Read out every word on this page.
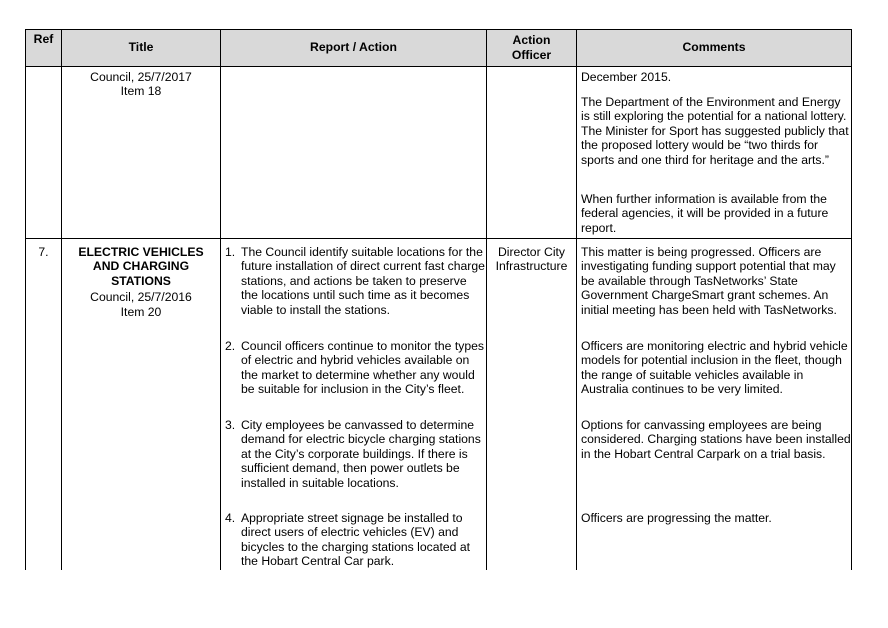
Ref
Title	Report / Action
Action Officer
Comments

Council, 25/7/2017

Item 18

December 2015.

The Department of the Environment and Energy is still exploring the potential for a national lottery. The Minister for Sport has suggested publicly that the proposed lottery would be “two thirds for sports and one third for heritage and the arts.”

When further information is available from the federal agencies, it will be provided in a future report.

7.	ELECTRIC VEHICLES AND CHARGING STATIONS

Council, 25/7/2016

Item 20

1. The Council identify suitable locations for the future installation of direct current fast charge stations, and actions be taken to preserve the locations until such time as it becomes viable to install the stations.
2. Council officers continue to monitor the types of electric and hybrid vehicles available on the market to determine whether any would be suitable for inclusion in the City’s fleet.
3. City employees be canvassed to determine demand for electric bicycle charging stations at the City’s corporate buildings. If there is sufficient demand, then power outlets be installed in suitable locations.
4. Appropriate street signage be installed to direct users of electric vehicles (EV) and bicycles to the charging stations located at the Hobart Central Car park.
Director City Infrastructure

This matter is being progressed. Officers are investigating funding support potential that may be available through TasNetworks’ State Government ChargeSmart grant schemes. An initial meeting has been held with TasNetworks.

Officers are monitoring electric and hybrid vehicle models for potential inclusion in the fleet, though the range of suitable vehicles available in Australia continues to be very limited.

Options for canvassing employees are being considered. Charging stations have been installed in the Hobart Central Carpark on a trial basis.

Officers are progressing the matter.
